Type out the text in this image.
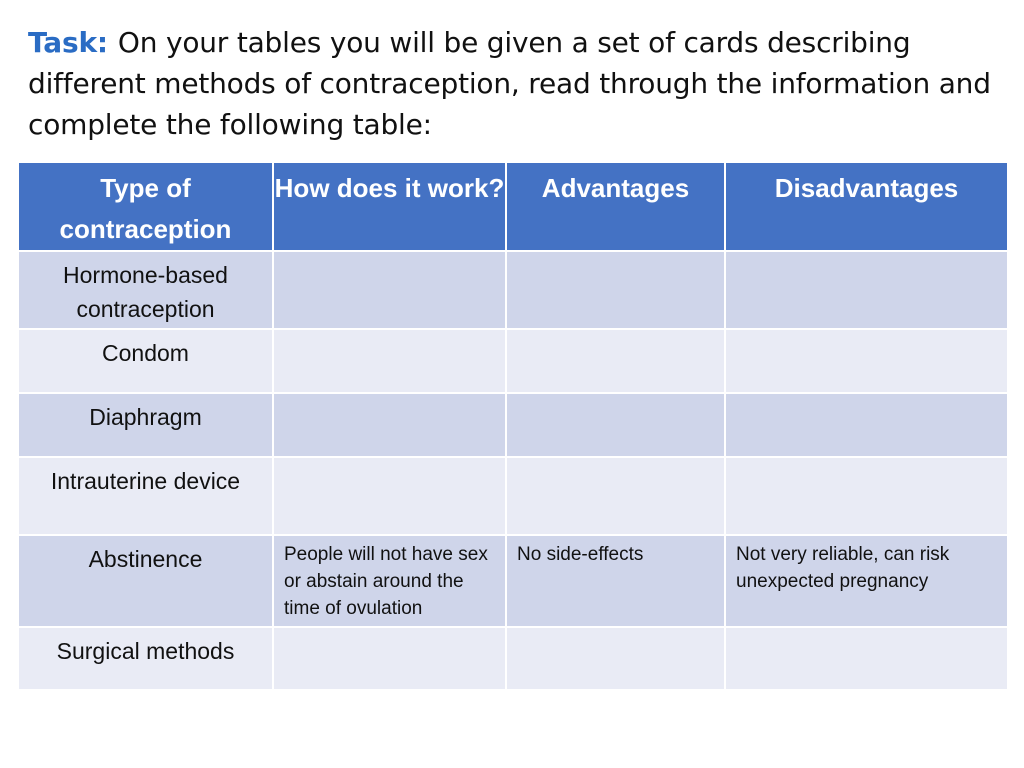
Task: On your tables you will be given a set of cards describing different methods of contraception, read through the information and complete the following table:
Type of contraception	How does it work?	Advantages	Disadvantages
Hormone-based contraception			
Condom			
Diaphragm			
Intrauterine device			
Abstinence	People will not have sex or abstain around the time of ovulation	No side-effects	Not very reliable, can risk unexpected pregnancy
Surgical methods			
